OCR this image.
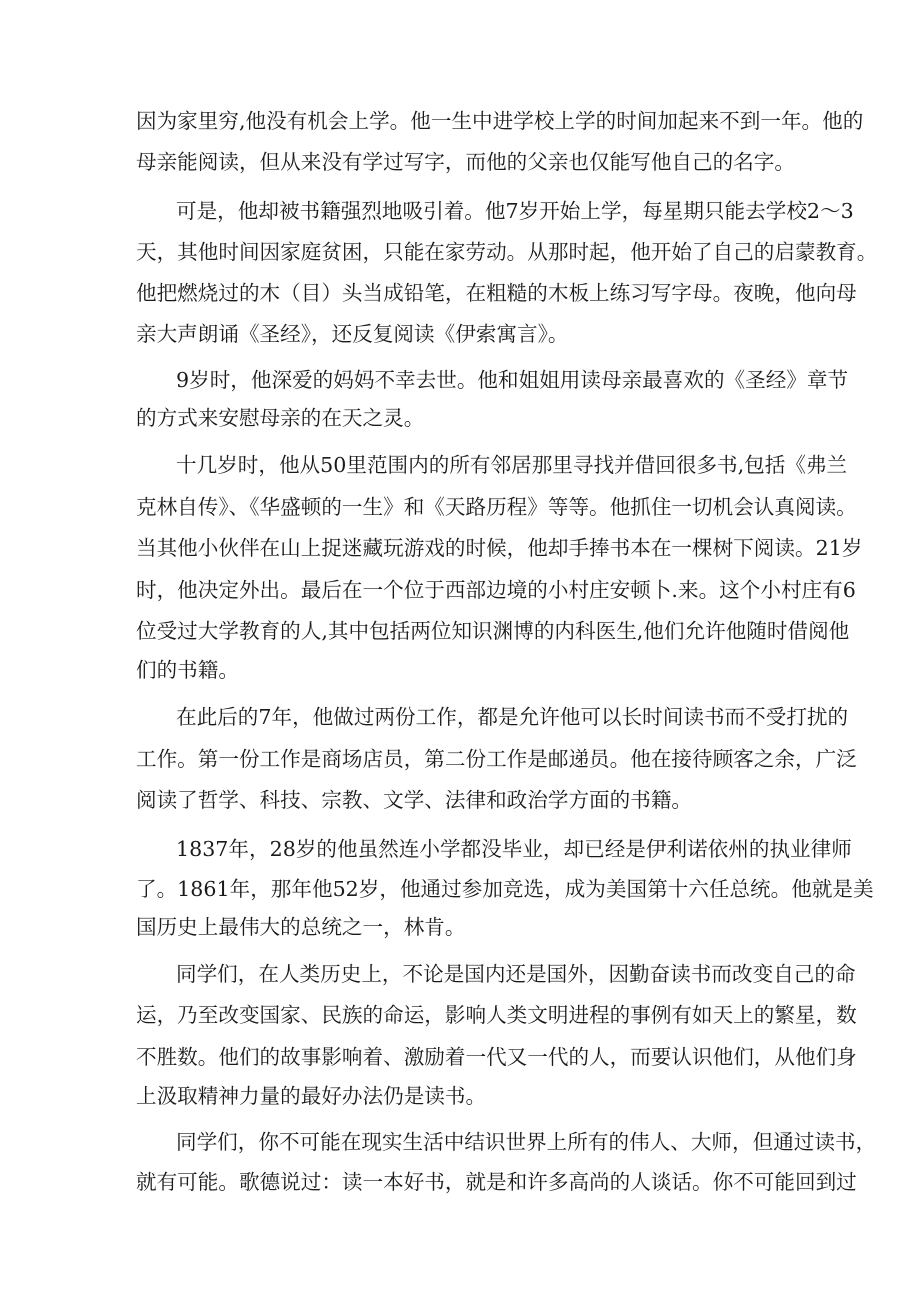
因为家里穷,他没有机会上学。他一生中进学校上学的时间加起来不到一年。他的
母亲能阅读，但从来没有学过写字，而他的父亲也仅能写他自己的名字。
可是，他却被书籍强烈地吸引着。他7岁开始上学，每星期只能去学校2～3
天，其他时间因家庭贫困，只能在家劳动。从那时起，他开始了自己的启蒙教育。
他把燃烧过的木（目）头当成铅笔，在粗糙的木板上练习写字母。夜晚，他向母
亲大声朗诵《圣经》，还反复阅读《伊索寓言》。
9岁时，他深爱的妈妈不幸去世。他和姐姐用读母亲最喜欢的《圣经》章节
的方式来安慰母亲的在天之灵。
十几岁时，他从50里范围内的所有邻居那里寻找并借回很多书,包括《弗兰
克林自传》、《华盛顿的一生》和《天路历程》等等。他抓住一切机会认真阅读。
当其他小伙伴在山上捉迷藏玩游戏的时候，他却手捧书本在一棵树下阅读。21岁
时，他决定外出。最后在一个位于西部边境的小村庄安顿卜.来。这个小村庄有6
位受过大学教育的人,其中包括两位知识渊博的内科医生,他们允许他随时借阅他
们的书籍。
在此后的7年，他做过两份工作，都是允许他可以长时间读书而不受打扰的
工作。第一份工作是商场店员，第二份工作是邮递员。他在接待顾客之余，广泛
阅读了哲学、科技、宗教、文学、法律和政治学方面的书籍。
1837年，28岁的他虽然连小学都没毕业，却已经是伊利诺依州的执业律师
了。1861年，那年他52岁，他通过参加竞选，成为美国第十六任总统。他就是美
国历史上最伟大的总统之一，林肯。
同学们，在人类历史上，不论是国内还是国外，因勤奋读书而改变自己的命
运，乃至改变国家、民族的命运，影响人类文明进程的事例有如天上的繁星，数
不胜数。他们的故事影响着、激励着一代又一代的人，而要认识他们，从他们身
上汲取精神力量的最好办法仍是读书。
同学们，你不可能在现实生活中结识世界上所有的伟人、大师，但通过读书，
就有可能。歌德说过：读一本好书，就是和许多高尚的人谈话。你不可能回到过
